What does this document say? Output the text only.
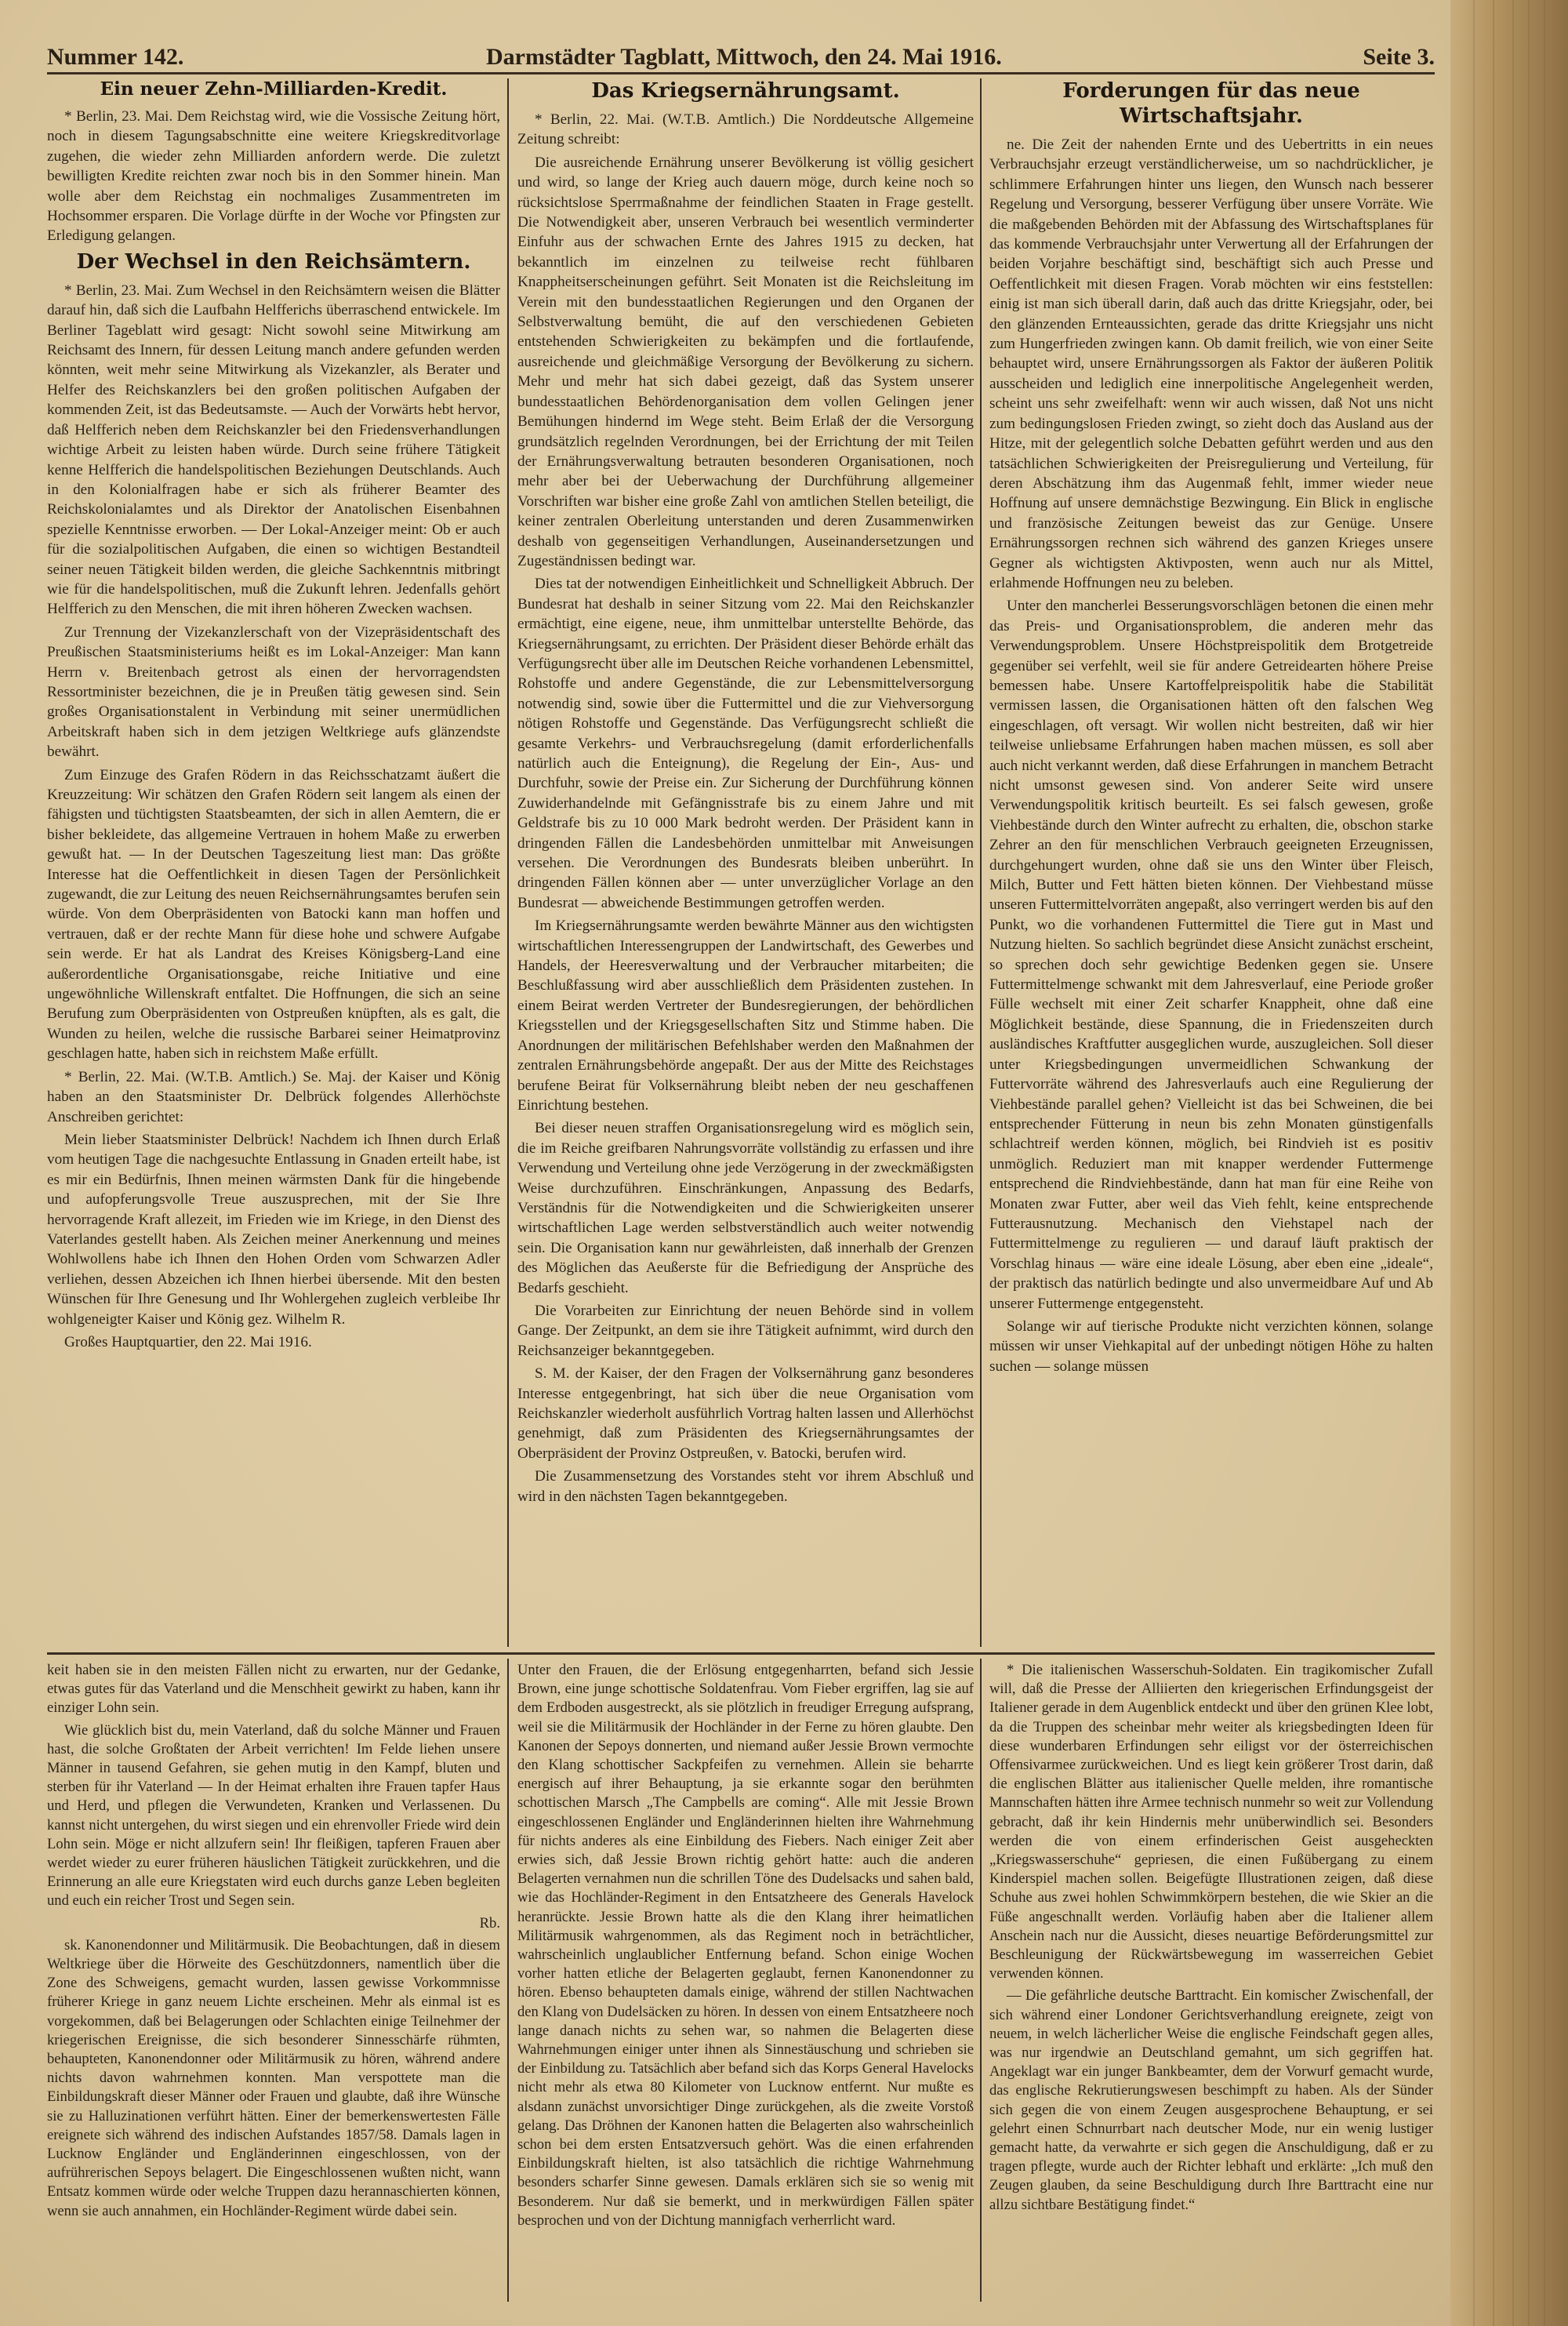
Nummer 142.	Darmstädter Tagblatt, Mittwoch, den 24. Mai 1916.	Seite 3.
Ein neuer Zehn-Milliarden-Kredit.

* Berlin, 23. Mai. Dem Reichstag wird, wie die Vossische Zeitung hört, noch in diesem Tagungsabschnitte eine weitere Kriegskreditvorlage zugehen, die wieder zehn Milliarden anfordern werde. Die zuletzt bewilligten Kredite reichten zwar noch bis in den Sommer hinein. Man wolle aber dem Reichstag ein nochmaliges Zusammentreten im Hochsommer ersparen. Die Vorlage dürfte in der Woche vor Pfingsten zur Erledigung gelangen.

Der Wechsel in den Reichsämtern.

* Berlin, 23. Mai. Zum Wechsel in den Reichsämtern weisen die Blätter darauf hin, daß sich die Laufbahn Helfferichs überraschend entwickele. Im Berliner Tageblatt wird gesagt: Nicht sowohl seine Mitwirkung am Reichsamt des Innern, für dessen Leitung manch andere gefunden werden könnten, weit mehr seine Mitwirkung als Vizekanzler, als Berater und Helfer des Reichskanzlers bei den großen politischen Aufgaben der kommenden Zeit, ist das Bedeutsamste. — Auch der Vorwärts hebt hervor, daß Helfferich neben dem Reichskanzler bei den Friedensverhandlungen wichtige Arbeit zu leisten haben würde. Durch seine frühere Tätigkeit kenne Helfferich die handelspolitischen Beziehungen Deutschlands. Auch in den Kolonialfragen habe er sich als früherer Beamter des Reichskolonialamtes und als Direktor der Anatolischen Eisenbahnen spezielle Kenntnisse erworben. — Der Lokal-Anzeiger meint: Ob er auch für die sozialpolitischen Aufgaben, die einen so wichtigen Bestandteil seiner neuen Tätigkeit bilden werden, die gleiche Sachkenntnis mitbringt wie für die handelspolitischen, muß die Zukunft lehren. Jedenfalls gehört Helfferich zu den Menschen, die mit ihren höheren Zwecken wachsen.

Zur Trennung der Vizekanzlerschaft von der Vizepräsidentschaft des Preußischen Staatsministeriums heißt es im Lokal-Anzeiger: Man kann Herrn v. Breitenbach getrost als einen der hervorragendsten Ressortminister bezeichnen, die je in Preußen tätig gewesen sind. Sein großes Organisationstalent in Verbindung mit seiner unermüdlichen Arbeitskraft haben sich in dem jetzigen Weltkriege aufs glänzendste bewährt.

Zum Einzuge des Grafen Rödern in das Reichsschatzamt äußert die Kreuzzeitung: Wir schätzen den Grafen Rödern seit langem als einen der fähigsten und tüchtigsten Staatsbeamten, der sich in allen Aemtern, die er bisher bekleidete, das allgemeine Vertrauen in hohem Maße zu erwerben gewußt hat. — In der Deutschen Tageszeitung liest man: Das größte Interesse hat die Oeffentlichkeit in diesen Tagen der Persönlichkeit zugewandt, die zur Leitung des neuen Reichsernährungsamtes berufen sein würde. Von dem Oberpräsidenten von Batocki kann man hoffen und vertrauen, daß er der rechte Mann für diese hohe und schwere Aufgabe sein werde. Er hat als Landrat des Kreises Königsberg-Land eine außerordentliche Organisationsgabe, reiche Initiative und eine ungewöhnliche Willenskraft entfaltet. Die Hoffnungen, die sich an seine Berufung zum Oberpräsidenten von Ostpreußen knüpften, als es galt, die Wunden zu heilen, welche die russische Barbarei seiner Heimatprovinz geschlagen hatte, haben sich in reichstem Maße erfüllt.

* Berlin, 22. Mai. (W.T.B. Amtlich.) Se. Maj. der Kaiser und König haben an den Staatsminister Dr. Delbrück folgendes Allerhöchste Anschreiben gerichtet:

Mein lieber Staatsminister Delbrück! Nachdem ich Ihnen durch Erlaß vom heutigen Tage die nachgesuchte Entlassung in Gnaden erteilt habe, ist es mir ein Bedürfnis, Ihnen meinen wärmsten Dank für die hingebende und aufopferungsvolle Treue auszusprechen, mit der Sie Ihre hervorragende Kraft allezeit, im Frieden wie im Kriege, in den Dienst des Vaterlandes gestellt haben. Als Zeichen meiner Anerkennung und meines Wohlwollens habe ich Ihnen den Hohen Orden vom Schwarzen Adler verliehen, dessen Abzeichen ich Ihnen hierbei übersende. Mit den besten Wünschen für Ihre Genesung und Ihr Wohlergehen zugleich verbleibe Ihr wohlgeneigter Kaiser und König gez. Wilhelm R.

Großes Hauptquartier, den 22. Mai 1916.

Das Kriegsernährungsamt.

* Berlin, 22. Mai. (W.T.B. Amtlich.) Die Norddeutsche Allgemeine Zeitung schreibt:

Die ausreichende Ernährung unserer Bevölkerung ist völlig gesichert und wird, so lange der Krieg auch dauern möge, durch keine noch so rücksichtslose Sperrmaßnahme der feindlichen Staaten in Frage gestellt. Die Notwendigkeit aber, unseren Verbrauch bei wesentlich verminderter Einfuhr aus der schwachen Ernte des Jahres 1915 zu decken, hat bekanntlich im einzelnen zu teilweise recht fühlbaren Knappheitserscheinungen geführt. Seit Monaten ist die Reichsleitung im Verein mit den bundesstaatlichen Regierungen und den Organen der Selbstverwaltung bemüht, die auf den verschiedenen Gebieten entstehenden Schwierigkeiten zu bekämpfen und die fortlaufende, ausreichende und gleichmäßige Versorgung der Bevölkerung zu sichern. Mehr und mehr hat sich dabei gezeigt, daß das System unserer bundesstaatlichen Behördenorganisation dem vollen Gelingen jener Bemühungen hindernd im Wege steht. Beim Erlaß der die Versorgung grundsätzlich regelnden Verordnungen, bei der Errichtung der mit Teilen der Ernährungsverwaltung betrauten besonderen Organisationen, noch mehr aber bei der Ueberwachung der Durchführung allgemeiner Vorschriften war bisher eine große Zahl von amtlichen Stellen beteiligt, die keiner zentralen Oberleitung unterstanden und deren Zusammenwirken deshalb von gegenseitigen Verhandlungen, Auseinandersetzungen und Zugeständnissen bedingt war.

Dies tat der notwendigen Einheitlichkeit und Schnelligkeit Abbruch. Der Bundesrat hat deshalb in seiner Sitzung vom 22. Mai den Reichskanzler ermächtigt, eine eigene, neue, ihm unmittelbar unterstellte Behörde, das Kriegsernährungsamt, zu errichten. Der Präsident dieser Behörde erhält das Verfügungsrecht über alle im Deutschen Reiche vorhandenen Lebensmittel, Rohstoffe und andere Gegenstände, die zur Lebensmittelversorgung notwendig sind, sowie über die Futtermittel und die zur Viehversorgung nötigen Rohstoffe und Gegenstände. Das Verfügungsrecht schließt die gesamte Verkehrs- und Verbrauchsregelung (damit erforderlichenfalls natürlich auch die Enteignung), die Regelung der Ein-, Aus- und Durchfuhr, sowie der Preise ein. Zur Sicherung der Durchführung können Zuwiderhandelnde mit Gefängnisstrafe bis zu einem Jahre und mit Geldstrafe bis zu 10 000 Mark bedroht werden. Der Präsident kann in dringenden Fällen die Landesbehörden unmittelbar mit Anweisungen versehen. Die Verordnungen des Bundesrats bleiben unberührt. In dringenden Fällen können aber — unter unverzüglicher Vorlage an den Bundesrat — abweichende Bestimmungen getroffen werden.

Im Kriegsernährungsamte werden bewährte Männer aus den wichtigsten wirtschaftlichen Interessengruppen der Landwirtschaft, des Gewerbes und Handels, der Heeresverwaltung und der Verbraucher mitarbeiten; die Beschlußfassung wird aber ausschließlich dem Präsidenten zustehen. In einem Beirat werden Vertreter der Bundesregierungen, der behördlichen Kriegsstellen und der Kriegsgesellschaften Sitz und Stimme haben. Die Anordnungen der militärischen Befehlshaber werden den Maßnahmen der zentralen Ernährungsbehörde angepaßt. Der aus der Mitte des Reichstages berufene Beirat für Volksernährung bleibt neben der neu geschaffenen Einrichtung bestehen.

Bei dieser neuen straffen Organisationsregelung wird es möglich sein, die im Reiche greifbaren Nahrungsvorräte vollständig zu erfassen und ihre Verwendung und Verteilung ohne jede Verzögerung in der zweckmäßigsten Weise durchzuführen. Einschränkungen, Anpassung des Bedarfs, Verständnis für die Notwendigkeiten und die Schwierigkeiten unserer wirtschaftlichen Lage werden selbstverständlich auch weiter notwendig sein. Die Organisation kann nur gewährleisten, daß innerhalb der Grenzen des Möglichen das Aeußerste für die Befriedigung der Ansprüche des Bedarfs geschieht.

Die Vorarbeiten zur Einrichtung der neuen Behörde sind in vollem Gange. Der Zeitpunkt, an dem sie ihre Tätigkeit aufnimmt, wird durch den Reichsanzeiger bekanntgegeben.

S. M. der Kaiser, der den Fragen der Volksernährung ganz besonderes Interesse entgegenbringt, hat sich über die neue Organisation vom Reichskanzler wiederholt ausführlich Vortrag halten lassen und Allerhöchst genehmigt, daß zum Präsidenten des Kriegsernährungsamtes der Oberpräsident der Provinz Ostpreußen, v. Batocki, berufen wird.

Die Zusammensetzung des Vorstandes steht vor ihrem Abschluß und wird in den nächsten Tagen bekanntgegeben.

Forderungen für das neue Wirtschaftsjahr.

ne. Die Zeit der nahenden Ernte und des Uebertritts in ein neues Verbrauchsjahr erzeugt verständlicherweise, um so nachdrücklicher, je schlimmere Erfahrungen hinter uns liegen, den Wunsch nach besserer Regelung und Versorgung, besserer Verfügung über unsere Vorräte. Wie die maßgebenden Behörden mit der Abfassung des Wirtschaftsplanes für das kommende Verbrauchsjahr unter Verwertung all der Erfahrungen der beiden Vorjahre beschäftigt sind, beschäftigt sich auch Presse und Oeffentlichkeit mit diesen Fragen. Vorab möchten wir eins feststellen: einig ist man sich überall darin, daß auch das dritte Kriegsjahr, oder, bei den glänzenden Ernteaussichten, gerade das dritte Kriegsjahr uns nicht zum Hungerfrieden zwingen kann. Ob damit freilich, wie von einer Seite behauptet wird, unsere Ernährungssorgen als Faktor der äußeren Politik ausscheiden und lediglich eine innerpolitische Angelegenheit werden, scheint uns sehr zweifelhaft: wenn wir auch wissen, daß Not uns nicht zum bedingungslosen Frieden zwingt, so zieht doch das Ausland aus der Hitze, mit der gelegentlich solche Debatten geführt werden und aus den tatsächlichen Schwierigkeiten der Preisregulierung und Verteilung, für deren Abschätzung ihm das Augenmaß fehlt, immer wieder neue Hoffnung auf unsere demnächstige Bezwingung. Ein Blick in englische und französische Zeitungen beweist das zur Genüge. Unsere Ernährungssorgen rechnen sich während des ganzen Krieges unsere Gegner als wichtigsten Aktivposten, wenn auch nur als Mittel, erlahmende Hoffnungen neu zu beleben.

Unter den mancherlei Besserungsvorschlägen betonen die einen mehr das Preis- und Organisationsproblem, die anderen mehr das Verwendungsproblem. Unsere Höchstpreispolitik dem Brotgetreide gegenüber sei verfehlt, weil sie für andere Getreidearten höhere Preise bemessen habe. Unsere Kartoffelpreispolitik habe die Stabilität vermissen lassen, die Organisationen hätten oft den falschen Weg eingeschlagen, oft versagt. Wir wollen nicht bestreiten, daß wir hier teilweise unliebsame Erfahrungen haben machen müssen, es soll aber auch nicht verkannt werden, daß diese Erfahrungen in manchem Betracht nicht umsonst gewesen sind. Von anderer Seite wird unsere Verwendungspolitik kritisch beurteilt. Es sei falsch gewesen, große Viehbestände durch den Winter aufrecht zu erhalten, die, obschon starke Zehrer an den für menschlichen Verbrauch geeigneten Erzeugnissen, durchgehungert wurden, ohne daß sie uns den Winter über Fleisch, Milch, Butter und Fett hätten bieten können. Der Viehbestand müsse unseren Futtermittelvorräten angepaßt, also verringert werden bis auf den Punkt, wo die vorhandenen Futtermittel die Tiere gut in Mast und Nutzung hielten. So sachlich begründet diese Ansicht zunächst erscheint, so sprechen doch sehr gewichtige Bedenken gegen sie. Unsere Futtermittelmenge schwankt mit dem Jahresverlauf, eine Periode großer Fülle wechselt mit einer Zeit scharfer Knappheit, ohne daß eine Möglichkeit bestände, diese Spannung, die in Friedenszeiten durch ausländisches Kraftfutter ausgeglichen wurde, auszugleichen. Soll dieser unter Kriegsbedingungen unvermeidlichen Schwankung der Futtervorräte während des Jahresverlaufs auch eine Regulierung der Viehbestände parallel gehen? Vielleicht ist das bei Schweinen, die bei entsprechender Fütterung in neun bis zehn Monaten günstigenfalls schlachtreif werden können, möglich, bei Rindvieh ist es positiv unmöglich. Reduziert man mit knapper werdender Futtermenge entsprechend die Rindviehbestände, dann hat man für eine Reihe von Monaten zwar Futter, aber weil das Vieh fehlt, keine entsprechende Futterausnutzung. Mechanisch den Viehstapel nach der Futtermittelmenge zu regulieren — und darauf läuft praktisch der Vorschlag hinaus — wäre eine ideale Lösung, aber eben eine „ideale“, der praktisch das natürlich bedingte und also unvermeidbare Auf und Ab unserer Futtermenge entgegensteht.

Solange wir auf tierische Produkte nicht verzichten können, solange müssen wir unser Viehkapital auf der unbedingt nötigen Höhe zu halten suchen — solange müssen

keit haben sie in den meisten Fällen nicht zu erwarten, nur der Gedanke, etwas gutes für das Vaterland und die Menschheit gewirkt zu haben, kann ihr einziger Lohn sein.

Wie glücklich bist du, mein Vaterland, daß du solche Männer und Frauen hast, die solche Großtaten der Arbeit verrichten! Im Felde liehen unsere Männer in tausend Gefahren, sie gehen mutig in den Kampf, bluten und sterben für ihr Vaterland — In der Heimat erhalten ihre Frauen tapfer Haus und Herd, und pflegen die Verwundeten, Kranken und Verlassenen. Du kannst nicht untergehen, du wirst siegen und ein ehrenvoller Friede wird dein Lohn sein. Möge er nicht allzufern sein! Ihr fleißigen, tapferen Frauen aber werdet wieder zu eurer früheren häuslichen Tätigkeit zurückkehren, und die Erinnerung an alle eure Kriegstaten wird euch durchs ganze Leben begleiten und euch ein reicher Trost und Segen sein.

Rb.

sk. Kanonendonner und Militärmusik. Die Beobachtungen, daß in diesem Weltkriege über die Hörweite des Geschützdonners, namentlich über die Zone des Schweigens, gemacht wurden, lassen gewisse Vorkommnisse früherer Kriege in ganz neuem Lichte erscheinen. Mehr als einmal ist es vorgekommen, daß bei Belagerungen oder Schlachten einige Teilnehmer der kriegerischen Ereignisse, die sich besonderer Sinnesschärfe rühmten, behaupteten, Kanonendonner oder Militärmusik zu hören, während andere nichts davon wahrnehmen konnten. Man verspottete man die Einbildungskraft dieser Männer oder Frauen und glaubte, daß ihre Wünsche sie zu Halluzinationen verführt hätten. Einer der bemerkenswertesten Fälle ereignete sich während des indischen Aufstandes 1857/58. Damals lagen in Lucknow Engländer und Engländerinnen eingeschlossen, von der aufrührerischen Sepoys belagert. Die Eingeschlossenen wußten nicht, wann Entsatz kommen würde oder welche Truppen dazu herannaschierten können, wenn sie auch annahmen, ein Hochländer-Regiment würde dabei sein.

Unter den Frauen, die der Erlösung entgegenharrten, befand sich Jessie Brown, eine junge schottische Soldatenfrau. Vom Fieber ergriffen, lag sie auf dem Erdboden ausgestreckt, als sie plötzlich in freudiger Erregung aufsprang, weil sie die Militärmusik der Hochländer in der Ferne zu hören glaubte. Den Kanonen der Sepoys donnerten, und niemand außer Jessie Brown vermochte den Klang schottischer Sackpfeifen zu vernehmen. Allein sie beharrte energisch auf ihrer Behauptung, ja sie erkannte sogar den berühmten schottischen Marsch „The Campbells are coming“. Alle mit Jessie Brown eingeschlossenen Engländer und Engländerinnen hielten ihre Wahrnehmung für nichts anderes als eine Einbildung des Fiebers. Nach einiger Zeit aber erwies sich, daß Jessie Brown richtig gehört hatte: auch die anderen Belagerten vernahmen nun die schrillen Töne des Dudelsacks und sahen bald, wie das Hochländer-Regiment in den Entsatzheere des Generals Havelock heranrückte. Jessie Brown hatte als die den Klang ihrer heimatlichen Militärmusik wahrgenommen, als das Regiment noch in beträchtlicher, wahrscheinlich unglaublicher Entfernung befand. Schon einige Wochen vorher hatten etliche der Belagerten geglaubt, fernen Kanonendonner zu hören. Ebenso behaupteten damals einige, während der stillen Nachtwachen den Klang von Dudelsäcken zu hören. In dessen von einem Entsatzheere noch lange danach nichts zu sehen war, so nahmen die Belagerten diese Wahrnehmungen einiger unter ihnen als Sinnestäuschung und schrieben sie der Einbildung zu. Tatsächlich aber befand sich das Korps General Havelocks nicht mehr als etwa 80 Kilometer von Lucknow entfernt. Nur mußte es alsdann zunächst unvorsichtiger Dinge zurückgehen, als die zweite Vorstoß gelang. Das Dröhnen der Kanonen hatten die Belagerten also wahrscheinlich schon bei dem ersten Entsatzversuch gehört. Was die einen erfahrenden Einbildungskraft hielten, ist also tatsächlich die richtige Wahrnehmung besonders scharfer Sinne gewesen. Damals erklären sich sie so wenig mit Besonderem. Nur daß sie bemerkt, und in merkwürdigen Fällen später besprochen und von der Dichtung mannigfach verherrlicht ward.

* Die italienischen Wasserschuh-Soldaten. Ein tragikomischer Zufall will, daß die Presse der Alliierten den kriegerischen Erfindungsgeist der Italiener gerade in dem Augenblick entdeckt und über den grünen Klee lobt, da die Truppen des scheinbar mehr weiter als kriegsbedingten Ideen für diese wunderbaren Erfindungen sehr eiligst vor der österreichischen Offensivarmee zurückweichen. Und es liegt kein größerer Trost darin, daß die englischen Blätter aus italienischer Quelle melden, ihre romantische Mannschaften hätten ihre Armee technisch nunmehr so weit zur Vollendung gebracht, daß ihr kein Hindernis mehr unüberwindlich sei. Besonders werden die von einem erfinderischen Geist ausgeheckten „Kriegswasserschuhe“ gepriesen, die einen Fußübergang zu einem Kinderspiel machen sollen. Beigefügte Illustrationen zeigen, daß diese Schuhe aus zwei hohlen Schwimmkörpern bestehen, die wie Skier an die Füße angeschnallt werden. Vorläufig haben aber die Italiener allem Anschein nach nur die Aussicht, dieses neuartige Beförderungsmittel zur Beschleunigung der Rückwärtsbewegung im wasserreichen Gebiet verwenden können.

— Die gefährliche deutsche Barttracht. Ein komischer Zwischenfall, der sich während einer Londoner Gerichtsverhandlung ereignete, zeigt von neuem, in welch lächerlicher Weise die englische Feindschaft gegen alles, was nur irgendwie an Deutschland gemahnt, um sich gegriffen hat. Angeklagt war ein junger Bankbeamter, dem der Vorwurf gemacht wurde, das englische Rekrutierungswesen beschimpft zu haben. Als der Sünder sich gegen die von einem Zeugen ausgesprochene Behauptung, er sei gelehrt einen Schnurrbart nach deutscher Mode, nur ein wenig lustiger gemacht hatte, da verwahrte er sich gegen die Anschuldigung, daß er zu tragen pflegte, wurde auch der Richter lebhaft und erklärte: „Ich muß den Zeugen glauben, da seine Beschuldigung durch Ihre Barttracht eine nur allzu sichtbare Bestätigung findet.“
